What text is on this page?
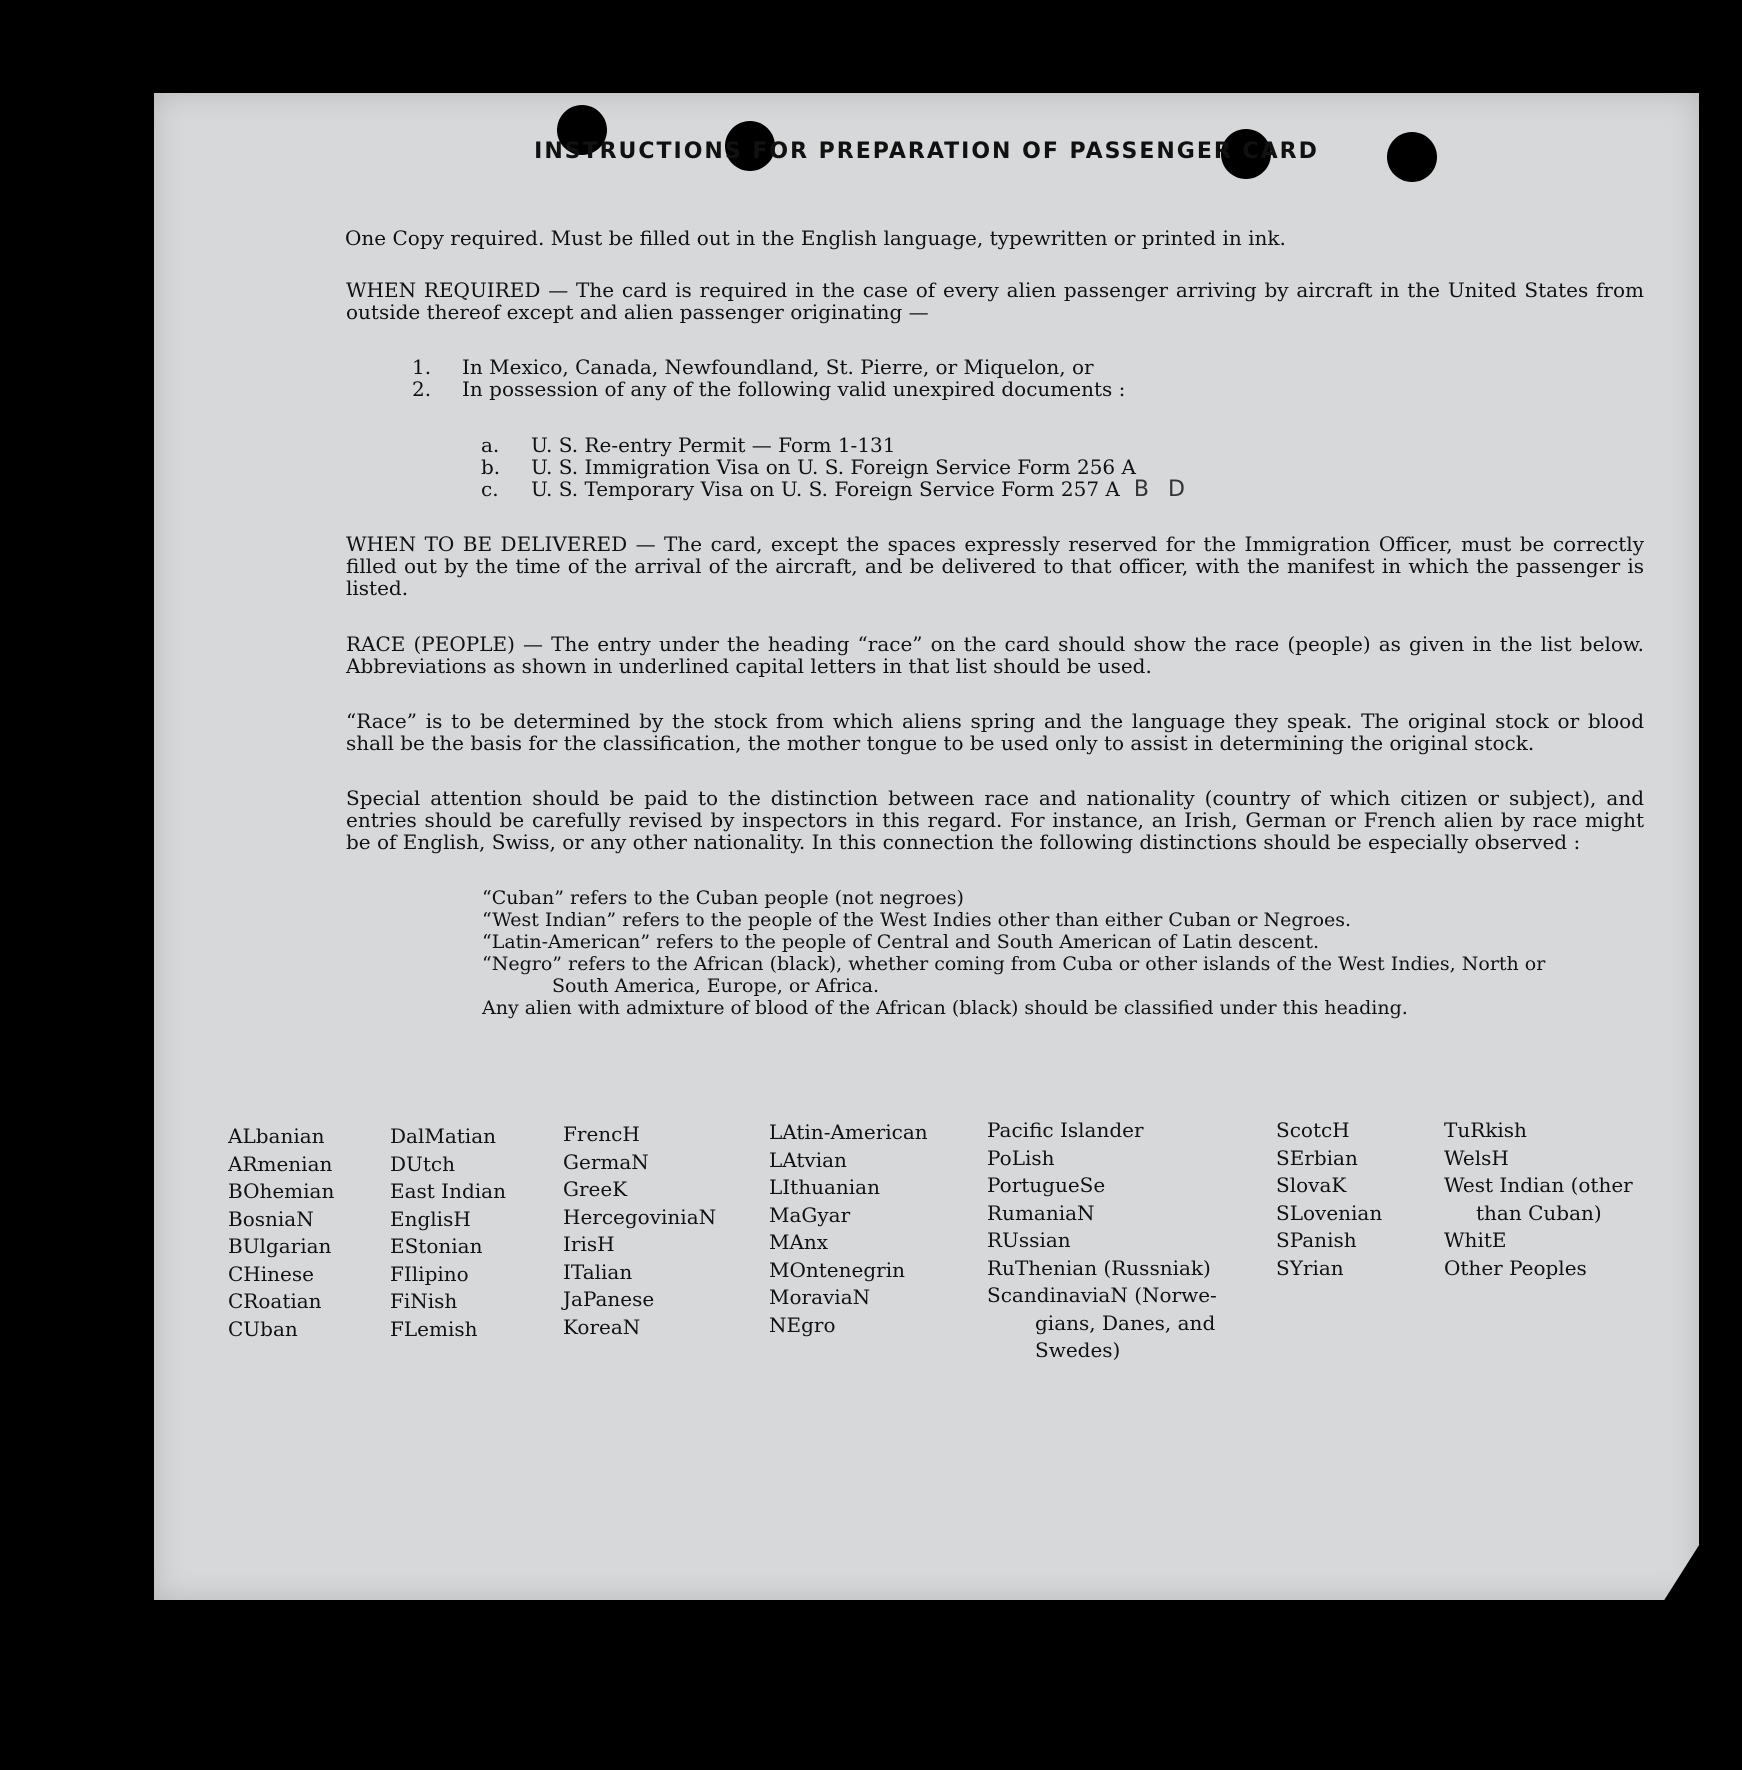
INSTRUCTIONS FOR PREPARATION OF PASSENGER CARD
One Copy required. Must be filled out in the English language, typewritten or printed in ink.
WHEN REQUIRED — The card is required in the case of every alien passenger arriving by aircraft in the United States from outside thereof except and alien passenger originating —
1. In Mexico, Canada, Newfoundland, St. Pierre, or Miquelon, or
2. In possession of any of the following valid unexpired documents :
a. U. S. Re-entry Permit — Form 1-131
b. U. S. Immigration Visa on U. S. Foreign Service Form 256 A
c. U. S. Temporary Visa on U. S. Foreign Service Form 257 A B D
WHEN TO BE DELIVERED — The card, except the spaces expressly reserved for the Immigration Officer, must be correctly filled out by the time of the arrival of the aircraft, and be delivered to that officer, with the manifest in which the passenger is listed.
RACE (PEOPLE) — The entry under the heading “race” on the card should show the race (people) as given in the list below. Abbreviations as shown in underlined capital letters in that list should be used.
“Race” is to be determined by the stock from which aliens spring and the language they speak. The original stock or blood shall be the basis for the classification, the mother tongue to be used only to assist in determining the original stock.
Special attention should be paid to the distinction between race and nationality (country of which citizen or subject), and entries should be carefully revised by inspectors in this regard. For instance, an Irish, German or French alien by race might be of English, Swiss, or any other nationality. In this connection the following distinctions should be especially observed :
“Cuban” refers to the Cuban people (not negroes)
“West Indian” refers to the people of the West Indies other than either Cuban or Negroes.
“Latin-American” refers to the people of Central and South American of Latin descent.
“Negro” refers to the African (black), whether coming from Cuba or other islands of the West Indies, North or
South America, Europe, or Africa.
Any alien with admixture of blood of the African (black) should be classified under this heading.
ALbanian
ARmenian
BOhemian
BosniaN
BUlgarian
CHinese
CRoatian
CUban
DalMatian
DUtch
East Indian
EnglisH
EStonian
FIlipino
FiNish
FLemish
FrencH
GermaN
GreeK
HercegoviniaN
IrisH
ITalian
JaPanese
KoreaN
LAtin-American
LAtvian
LIthuanian
MaGyar
MAnx
MOntenegrin
MoraviaN
NEgro
Pacific Islander
PoLish
PortugueSe
RumaniaN
RUssian
RuThenian (Russniak)
ScandinaviaN (Norwe-
gians, Danes, and
Swedes)
ScotcH
SErbian
SlovaK
SLovenian
SPanish
SYrian
TuRkish
WelsH
West Indian (other
than Cuban)
WhitE
Other Peoples
